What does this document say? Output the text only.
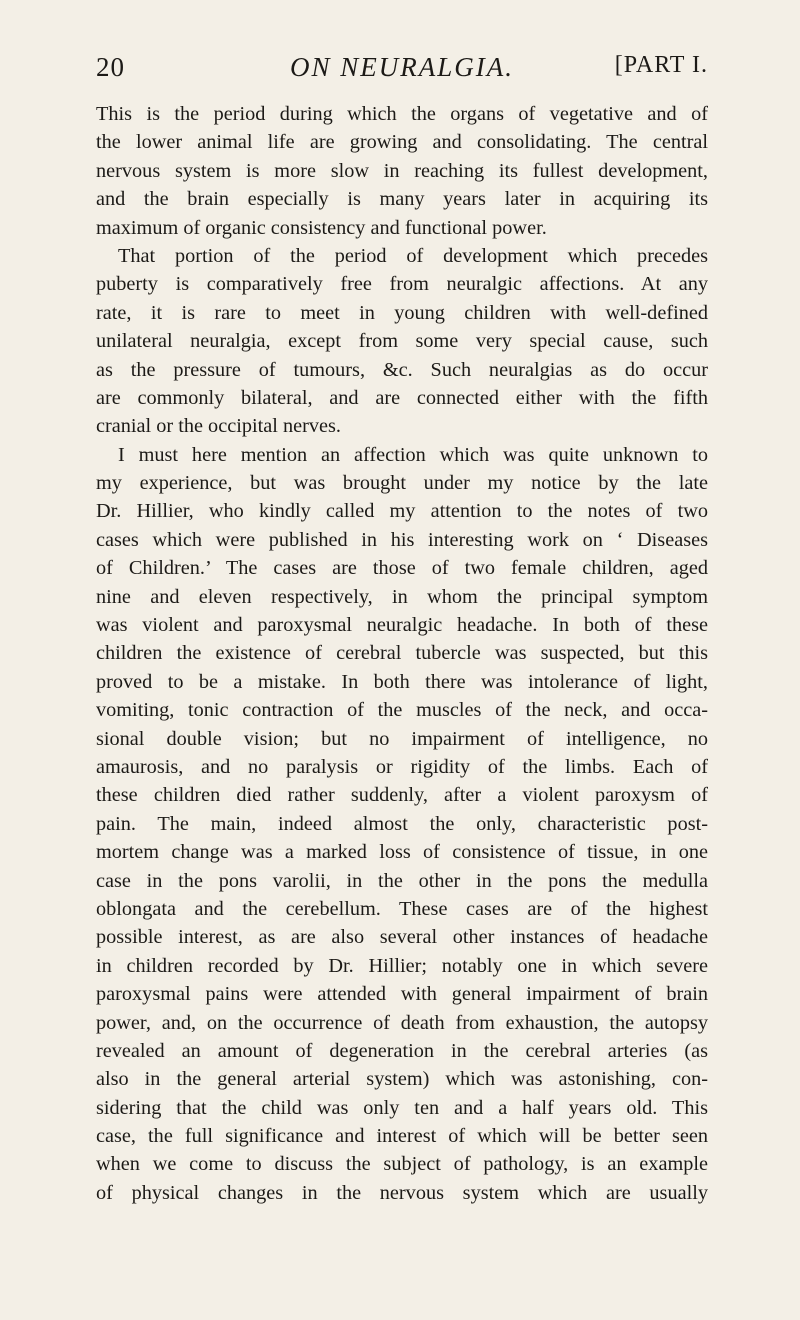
20	ON NEURALGIA.	[PART I.
This is the period during which the organs of vegetative and of
the lower animal life are growing and consolidating. The central
nervous system is more slow in reaching its fullest development,
and the brain especially is many years later in acquiring its
maximum of organic consistency and functional power.
That portion of the period of development which precedes
puberty is comparatively free from neuralgic affections. At any
rate, it is rare to meet in young children with well-defined
unilateral neuralgia, except from some very special cause, such
as the pressure of tumours, &c. Such neuralgias as do occur
are commonly bilateral, and are connected either with the fifth
cranial or the occipital nerves.
I must here mention an affection which was quite unknown to
my experience, but was brought under my notice by the late
Dr. Hillier, who kindly called my attention to the notes of two
cases which were published in his interesting work on ‘ Diseases
of Children.’ The cases are those of two female children, aged
nine and eleven respectively, in whom the principal symptom
was violent and paroxysmal neuralgic headache. In both of these
children the existence of cerebral tubercle was suspected, but this
proved to be a mistake. In both there was intolerance of light,
vomiting, tonic contraction of the muscles of the neck, and occa-
sional double vision; but no impairment of intelligence, no
amaurosis, and no paralysis or rigidity of the limbs. Each of
these children died rather suddenly, after a violent paroxysm of
pain. The main, indeed almost the only, characteristic post-
mortem change was a marked loss of consistence of tissue, in one
case in the pons varolii, in the other in the pons the medulla
oblongata and the cerebellum. These cases are of the highest
possible interest, as are also several other instances of headache
in children recorded by Dr. Hillier; notably one in which severe
paroxysmal pains were attended with general impairment of brain
power, and, on the occurrence of death from exhaustion, the autopsy
revealed an amount of degeneration in the cerebral arteries (as
also in the general arterial system) which was astonishing, con-
sidering that the child was only ten and a half years old. This
case, the full significance and interest of which will be better seen
when we come to discuss the subject of pathology, is an example
of physical changes in the nervous system which are usually
